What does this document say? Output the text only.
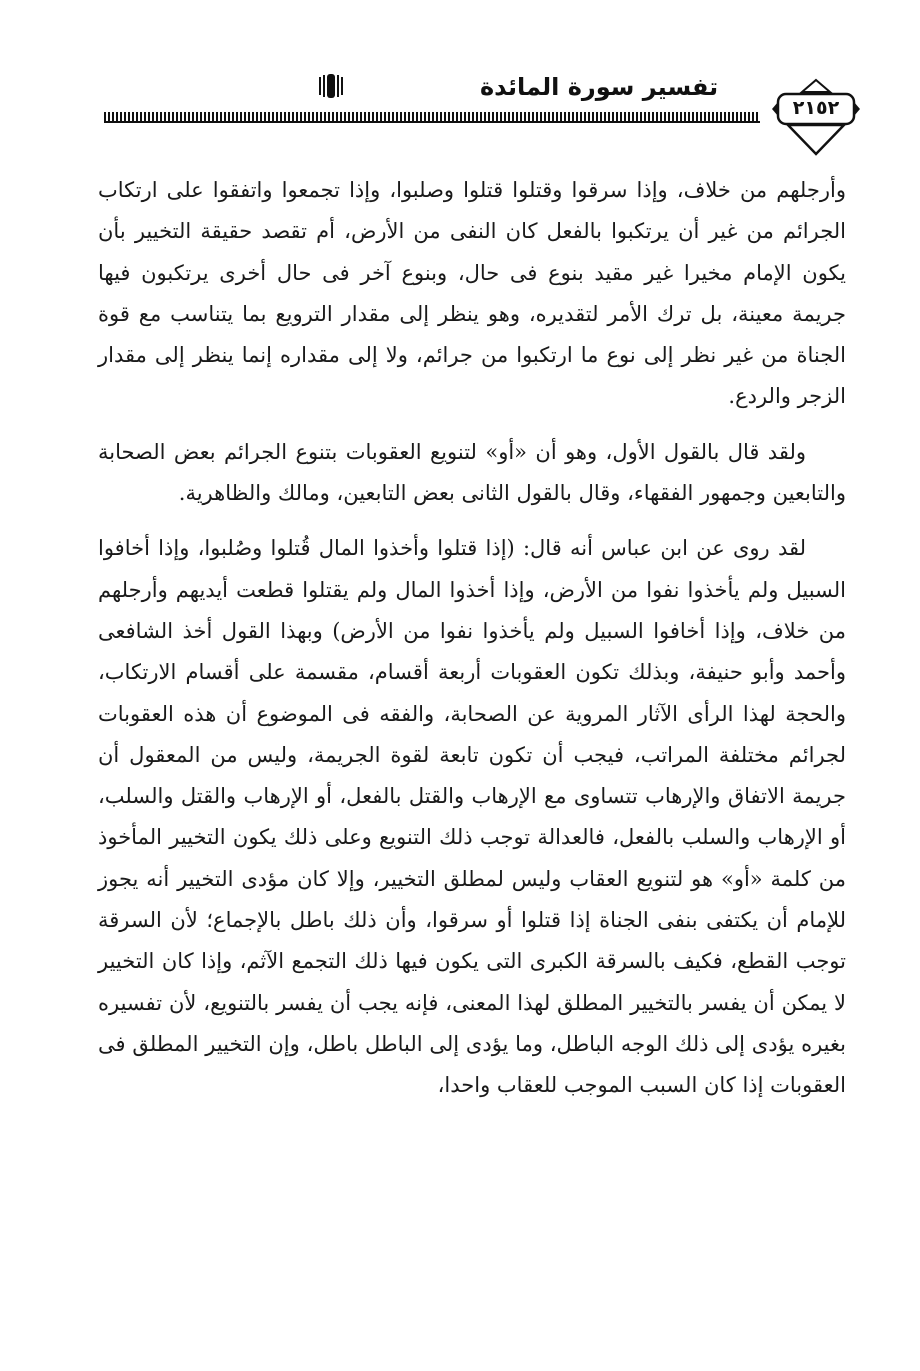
تفسير سورة المائدة
٢١٥٢

وأرجلهم من خلاف، وإذا سرقوا وقتلوا قتلوا وصلبوا، وإذا تجمعوا واتفقوا على ارتكاب الجرائم من غير أن يرتكبوا بالفعل كان النفى من الأرض، أم تقصد حقيقة التخيير بأن يكون الإمام مخيرا غير مقيد بنوع فى حال، وبنوع آخر فى حال أخرى يرتكبون فيها جريمة معينة، بل ترك الأمر لتقديره، وهو ينظر إلى مقدار الترويع بما يتناسب مع قوة الجناة من غير نظر إلى نوع ما ارتكبوا من جرائم، ولا إلى مقداره إنما ينظر إلى مقدار الزجر والردع.

ولقد قال بالقول الأول، وهو أن «أو» لتنويع العقوبات بتنوع الجرائم بعض الصحابة والتابعين وجمهور الفقهاء، وقال بالقول الثانى بعض التابعين، ومالك والظاهرية.

لقد روى عن ابن عباس أنه قال: (إذا قتلوا وأخذوا المال قُتلوا وصُلبوا، وإذا أخافوا السبيل ولم يأخذوا نفوا من الأرض، وإذا أخذوا المال ولم يقتلوا قطعت أيديهم وأرجلهم من خلاف، وإذا أخافوا السبيل ولم يأخذوا نفوا من الأرض) وبهذا القول أخذ الشافعى وأحمد وأبو حنيفة، وبذلك تكون العقوبات أربعة أقسام، مقسمة على أقسام الارتكاب، والحجة لهذا الرأى الآثار المروية عن الصحابة، والفقه فى الموضوع أن هذه العقوبات لجرائم مختلفة المراتب، فيجب أن تكون تابعة لقوة الجريمة، وليس من المعقول أن جريمة الاتفاق والإرهاب تتساوى مع الإرهاب والقتل بالفعل، أو الإرهاب والقتل والسلب، أو الإرهاب والسلب بالفعل، فالعدالة توجب ذلك التنويع وعلى ذلك يكون التخيير المأخوذ من كلمة «أو» هو لتنويع العقاب وليس لمطلق التخيير، وإلا كان مؤدى التخيير أنه يجوز للإمام أن يكتفى بنفى الجناة إذا قتلوا أو سرقوا، وأن ذلك باطل بالإجماع؛ لأن السرقة توجب القطع، فكيف بالسرقة الكبرى التى يكون فيها ذلك التجمع الآثم، وإذا كان التخيير لا يمكن أن يفسر بالتخيير المطلق لهذا المعنى، فإنه يجب أن يفسر بالتنويع، لأن تفسيره بغيره يؤدى إلى ذلك الوجه الباطل، وما يؤدى إلى الباطل باطل، وإن التخيير المطلق فى العقوبات إذا كان السبب الموجب للعقاب واحدا،
